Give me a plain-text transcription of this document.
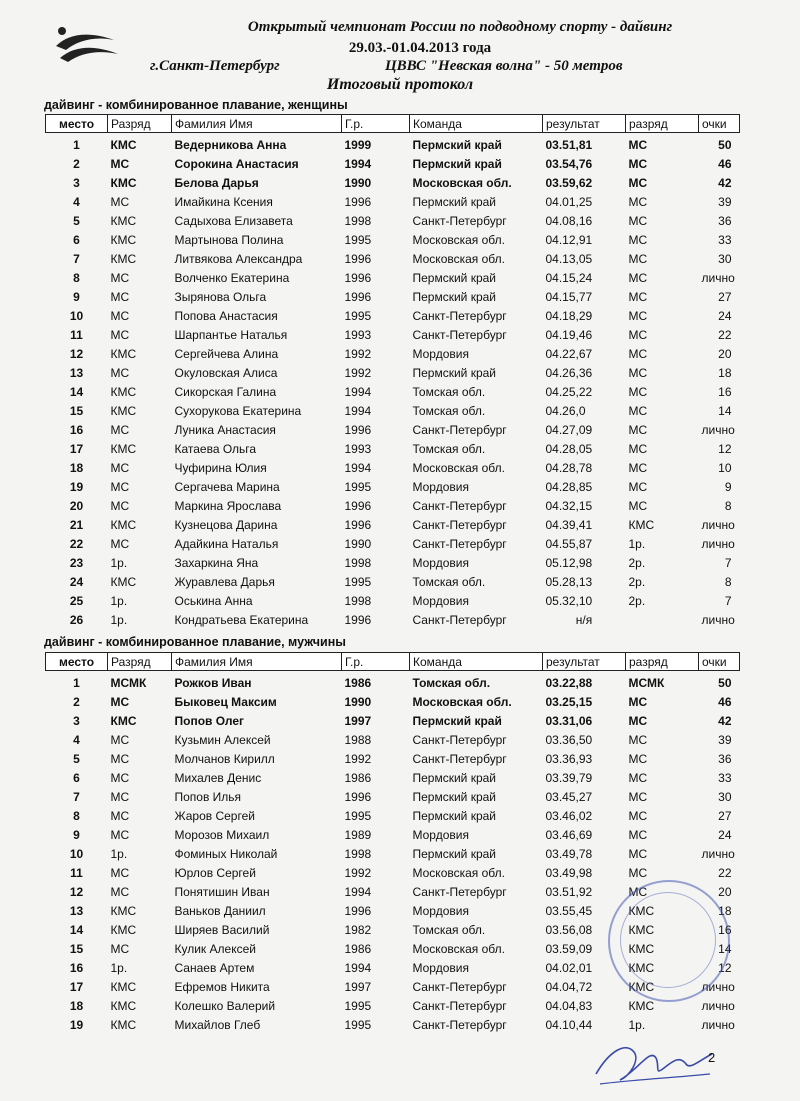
Открытый чемпионат России по подводному спорту - дайвинг
29.03.-01.04.2013 года
г.Санкт-Петербург	ЦВВС "Невская волна" - 50 метров
Итоговый протокол
дайвинг - комбинированное плавание, женщины
место	Разряд	Фамилия Имя	Г.р.	Команда	результат	разряд	очки
1	КМС	Ведерникова Анна	1999	Пермский край	03.51,81	МС	50
2	МС	Сорокина Анастасия	1994	Пермский край	03.54,76	МС	46
3	КМС	Белова Дарья	1990	Московская обл.	03.59,62	МС	42
4	МС	Имайкина Ксения	1996	Пермский край	04.01,25	МС	39
5	КМС	Садыхова Елизавета	1998	Санкт-Петербург	04.08,16	МС	36
6	КМС	Мартынова Полина	1995	Московская обл.	04.12,91	МС	33
7	КМС	Литвякова Александра	1996	Московская обл.	04.13,05	МС	30
8	МС	Волченко Екатерина	1996	Пермский край	04.15,24	МС	лично
9	МС	Зырянова Ольга	1996	Пермский край	04.15,77	МС	27
10	МС	Попова Анастасия	1995	Санкт-Петербург	04.18,29	МС	24
11	МС	Шарпантье Наталья	1993	Санкт-Петербург	04.19,46	МС	22
12	КМС	Сергейчева Алина	1992	Мордовия	04.22,67	МС	20
13	МС	Окуловская Алиса	1992	Пермский край	04.26,36	МС	18
14	КМС	Сикорская Галина	1994	Томская обл.	04.25,22	МС	16
15	КМС	Сухорукова Екатерина	1994	Томская обл.	04.26,0	МС	14
16	МС	Луника Анастасия	1996	Санкт-Петербург	04.27,09	МС	лично
17	КМС	Катаева Ольга	1993	Томская обл.	04.28,05	МС	12
18	МС	Чуфирина Юлия	1994	Московская обл.	04.28,78	МС	10
19	МС	Сергачева Марина	1995	Мордовия	04.28,85	МС	9
20	МС	Маркина Ярослава	1996	Санкт-Петербург	04.32,15	МС	8
21	КМС	Кузнецова Дарина	1996	Санкт-Петербург	04.39,41	КМС	лично
22	МС	Адайкина Наталья	1990	Санкт-Петербург	04.55,87	1р.	лично
23	1р.	Захаркина Яна	1998	Мордовия	05.12,98	2р.	7
24	КМС	Журавлева Дарья	1995	Томская обл.	05.28,13	2р.	8
25	1р.	Оськина Анна	1998	Мордовия	05.32,10	2р.	7
26	1р.	Кондратьева Екатерина	1996	Санкт-Петербург	н/я		лично
дайвинг - комбинированное плавание, мужчины
место	Разряд	Фамилия Имя	Г.р.	Команда	результат	разряд	очки
1	МСМК	Рожков Иван	1986	Томская обл.	03.22,88	МСМК	50
2	МС	Быковец Максим	1990	Московская обл.	03.25,15	МС	46
3	КМС	Попов Олег	1997	Пермский край	03.31,06	МС	42
4	МС	Кузьмин Алексей	1988	Санкт-Петербург	03.36,50	МС	39
5	МС	Молчанов Кирилл	1992	Санкт-Петербург	03.36,93	МС	36
6	МС	Михалев Денис	1986	Пермский край	03.39,79	МС	33
7	МС	Попов Илья	1996	Пермский край	03.45,27	МС	30
8	МС	Жаров Сергей	1995	Пермский край	03.46,02	МС	27
9	МС	Морозов Михаил	1989	Мордовия	03.46,69	МС	24
10	1р.	Фоминых Николай	1998	Пермский край	03.49,78	МС	лично
11	МС	Юрлов Сергей	1992	Московская обл.	03.49,98	МС	22
12	МС	Понятишин Иван	1994	Санкт-Петербург	03.51,92	МС	20
13	КМС	Ваньков Даниил	1996	Мордовия	03.55,45	КМС	18
14	КМС	Ширяев Василий	1982	Томская обл.	03.56,08	КМС	16
15	МС	Кулик Алексей	1986	Московская обл.	03.59,09	КМС	14
16	1р.	Санаев Артем	1994	Мордовия	04.02,01	КМС	12
17	КМС	Ефремов Никита	1997	Санкт-Петербург	04.04,72	КМС	лично
18	КМС	Колешко Валерий	1995	Санкт-Петербург	04.04,83	КМС	лично
19	КМС	Михайлов Глеб	1995	Санкт-Петербург	04.10,44	1р.	лично
2
